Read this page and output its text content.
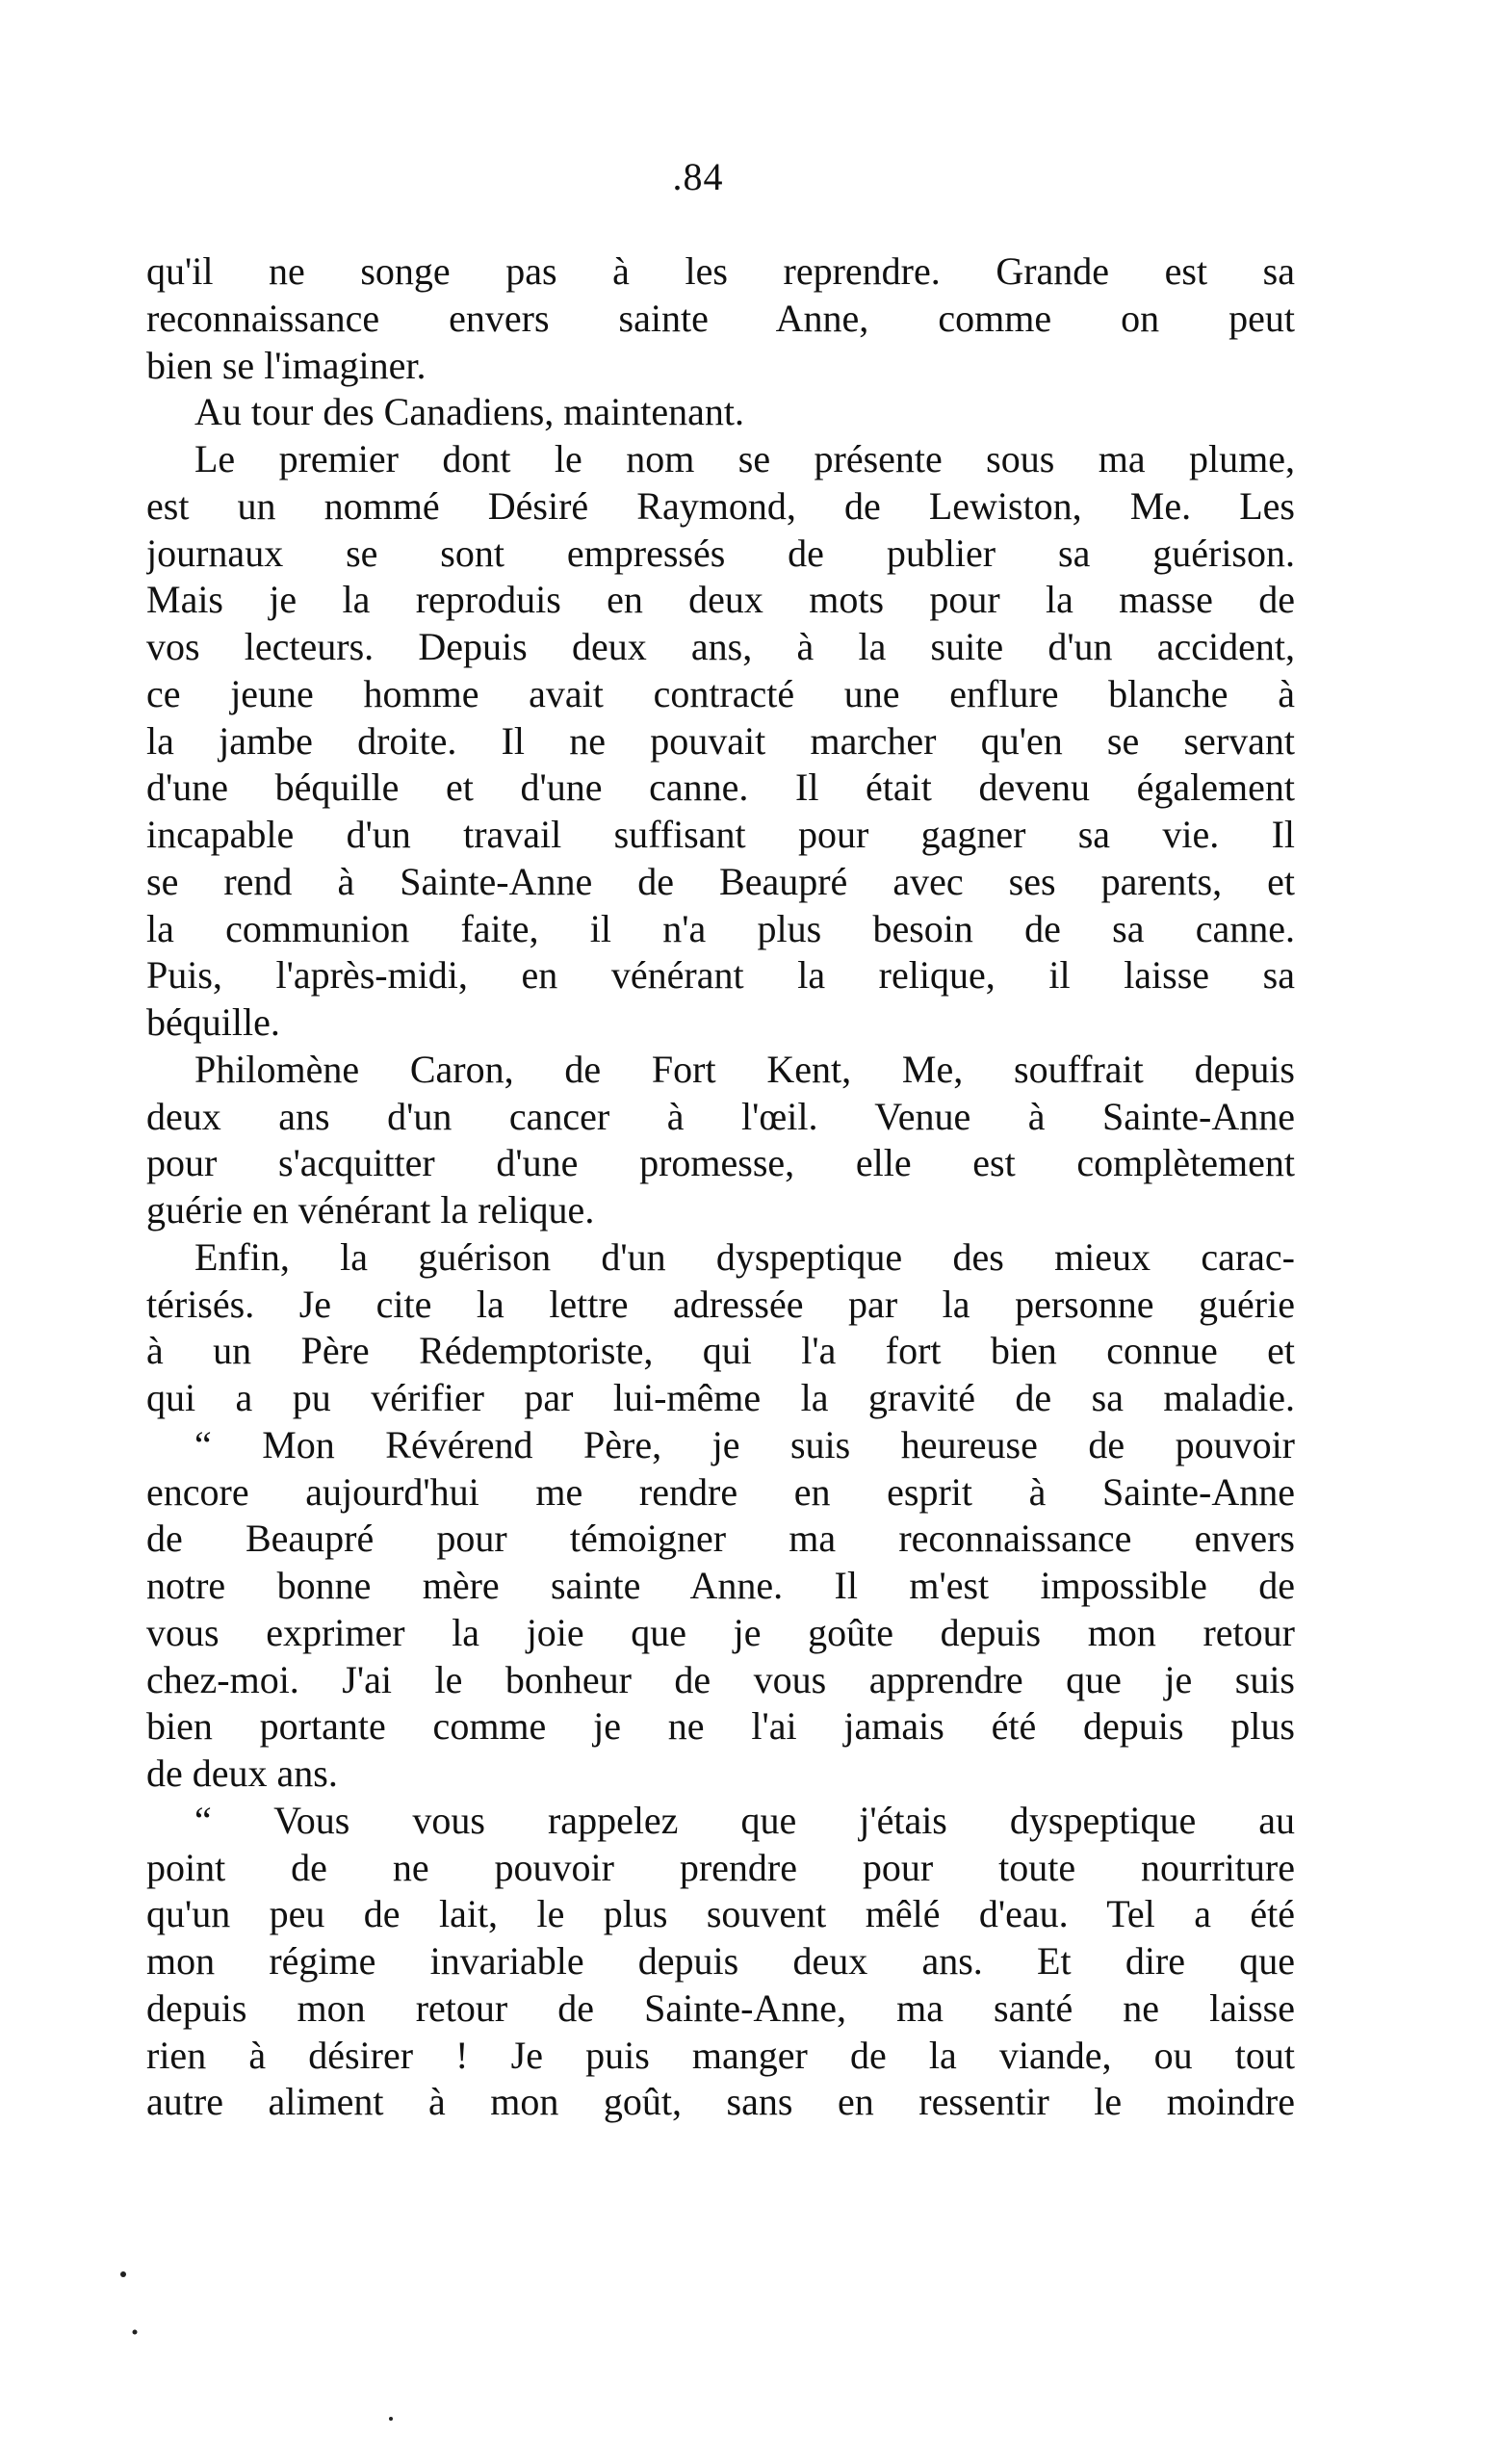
.84
qu'il ne songe pas à les reprendre. Grande est sa
reconnaissance envers sainte Anne, comme on peut
bien se l'imaginer.
Au tour des Canadiens, maintenant.
Le premier dont le nom se présente sous ma plume,
est un nommé Désiré Raymond, de Lewiston, Me. Les
journaux se sont empressés de publier sa guérison.
Mais je la reproduis en deux mots pour la masse de
vos lecteurs. Depuis deux ans, à la suite d'un accident,
ce jeune homme avait contracté une enflure blanche à
la jambe droite. Il ne pouvait marcher qu'en se servant
d'une béquille et d'une canne. Il était devenu également
incapable d'un travail suffisant pour gagner sa vie. Il
se rend à Sainte-Anne de Beaupré avec ses parents, et
la communion faite, il n'a plus besoin de sa canne.
Puis, l'après-midi, en vénérant la relique, il laisse sa
béquille.
Philomène Caron, de Fort Kent, Me, souffrait depuis
deux ans d'un cancer à l'œil. Venue à Sainte-Anne
pour s'acquitter d'une promesse, elle est complètement
guérie en vénérant la relique.
Enfin, la guérison d'un dyspeptique des mieux carac-
térisés. Je cite la lettre adressée par la personne guérie
à un Père Rédemptoriste, qui l'a fort bien connue et
qui a pu vérifier par lui-même la gravité de sa maladie.
“ Mon Révérend Père, je suis heureuse de pouvoir
encore aujourd'hui me rendre en esprit à Sainte-Anne
de Beaupré pour témoigner ma reconnaissance envers
notre bonne mère sainte Anne. Il m'est impossible de
vous exprimer la joie que je goûte depuis mon retour
chez-moi. J'ai le bonheur de vous apprendre que je suis
bien portante comme je ne l'ai jamais été depuis plus
de deux ans.
“ Vous vous rappelez que j'étais dyspeptique au
point de ne pouvoir prendre pour toute nourriture
qu'un peu de lait, le plus souvent mêlé d'eau. Tel a été
mon régime invariable depuis deux ans. Et dire que
depuis mon retour de Sainte-Anne, ma santé ne laisse
rien à désirer ! Je puis manger de la viande, ou tout
autre aliment à mon goût, sans en ressentir le moindre
